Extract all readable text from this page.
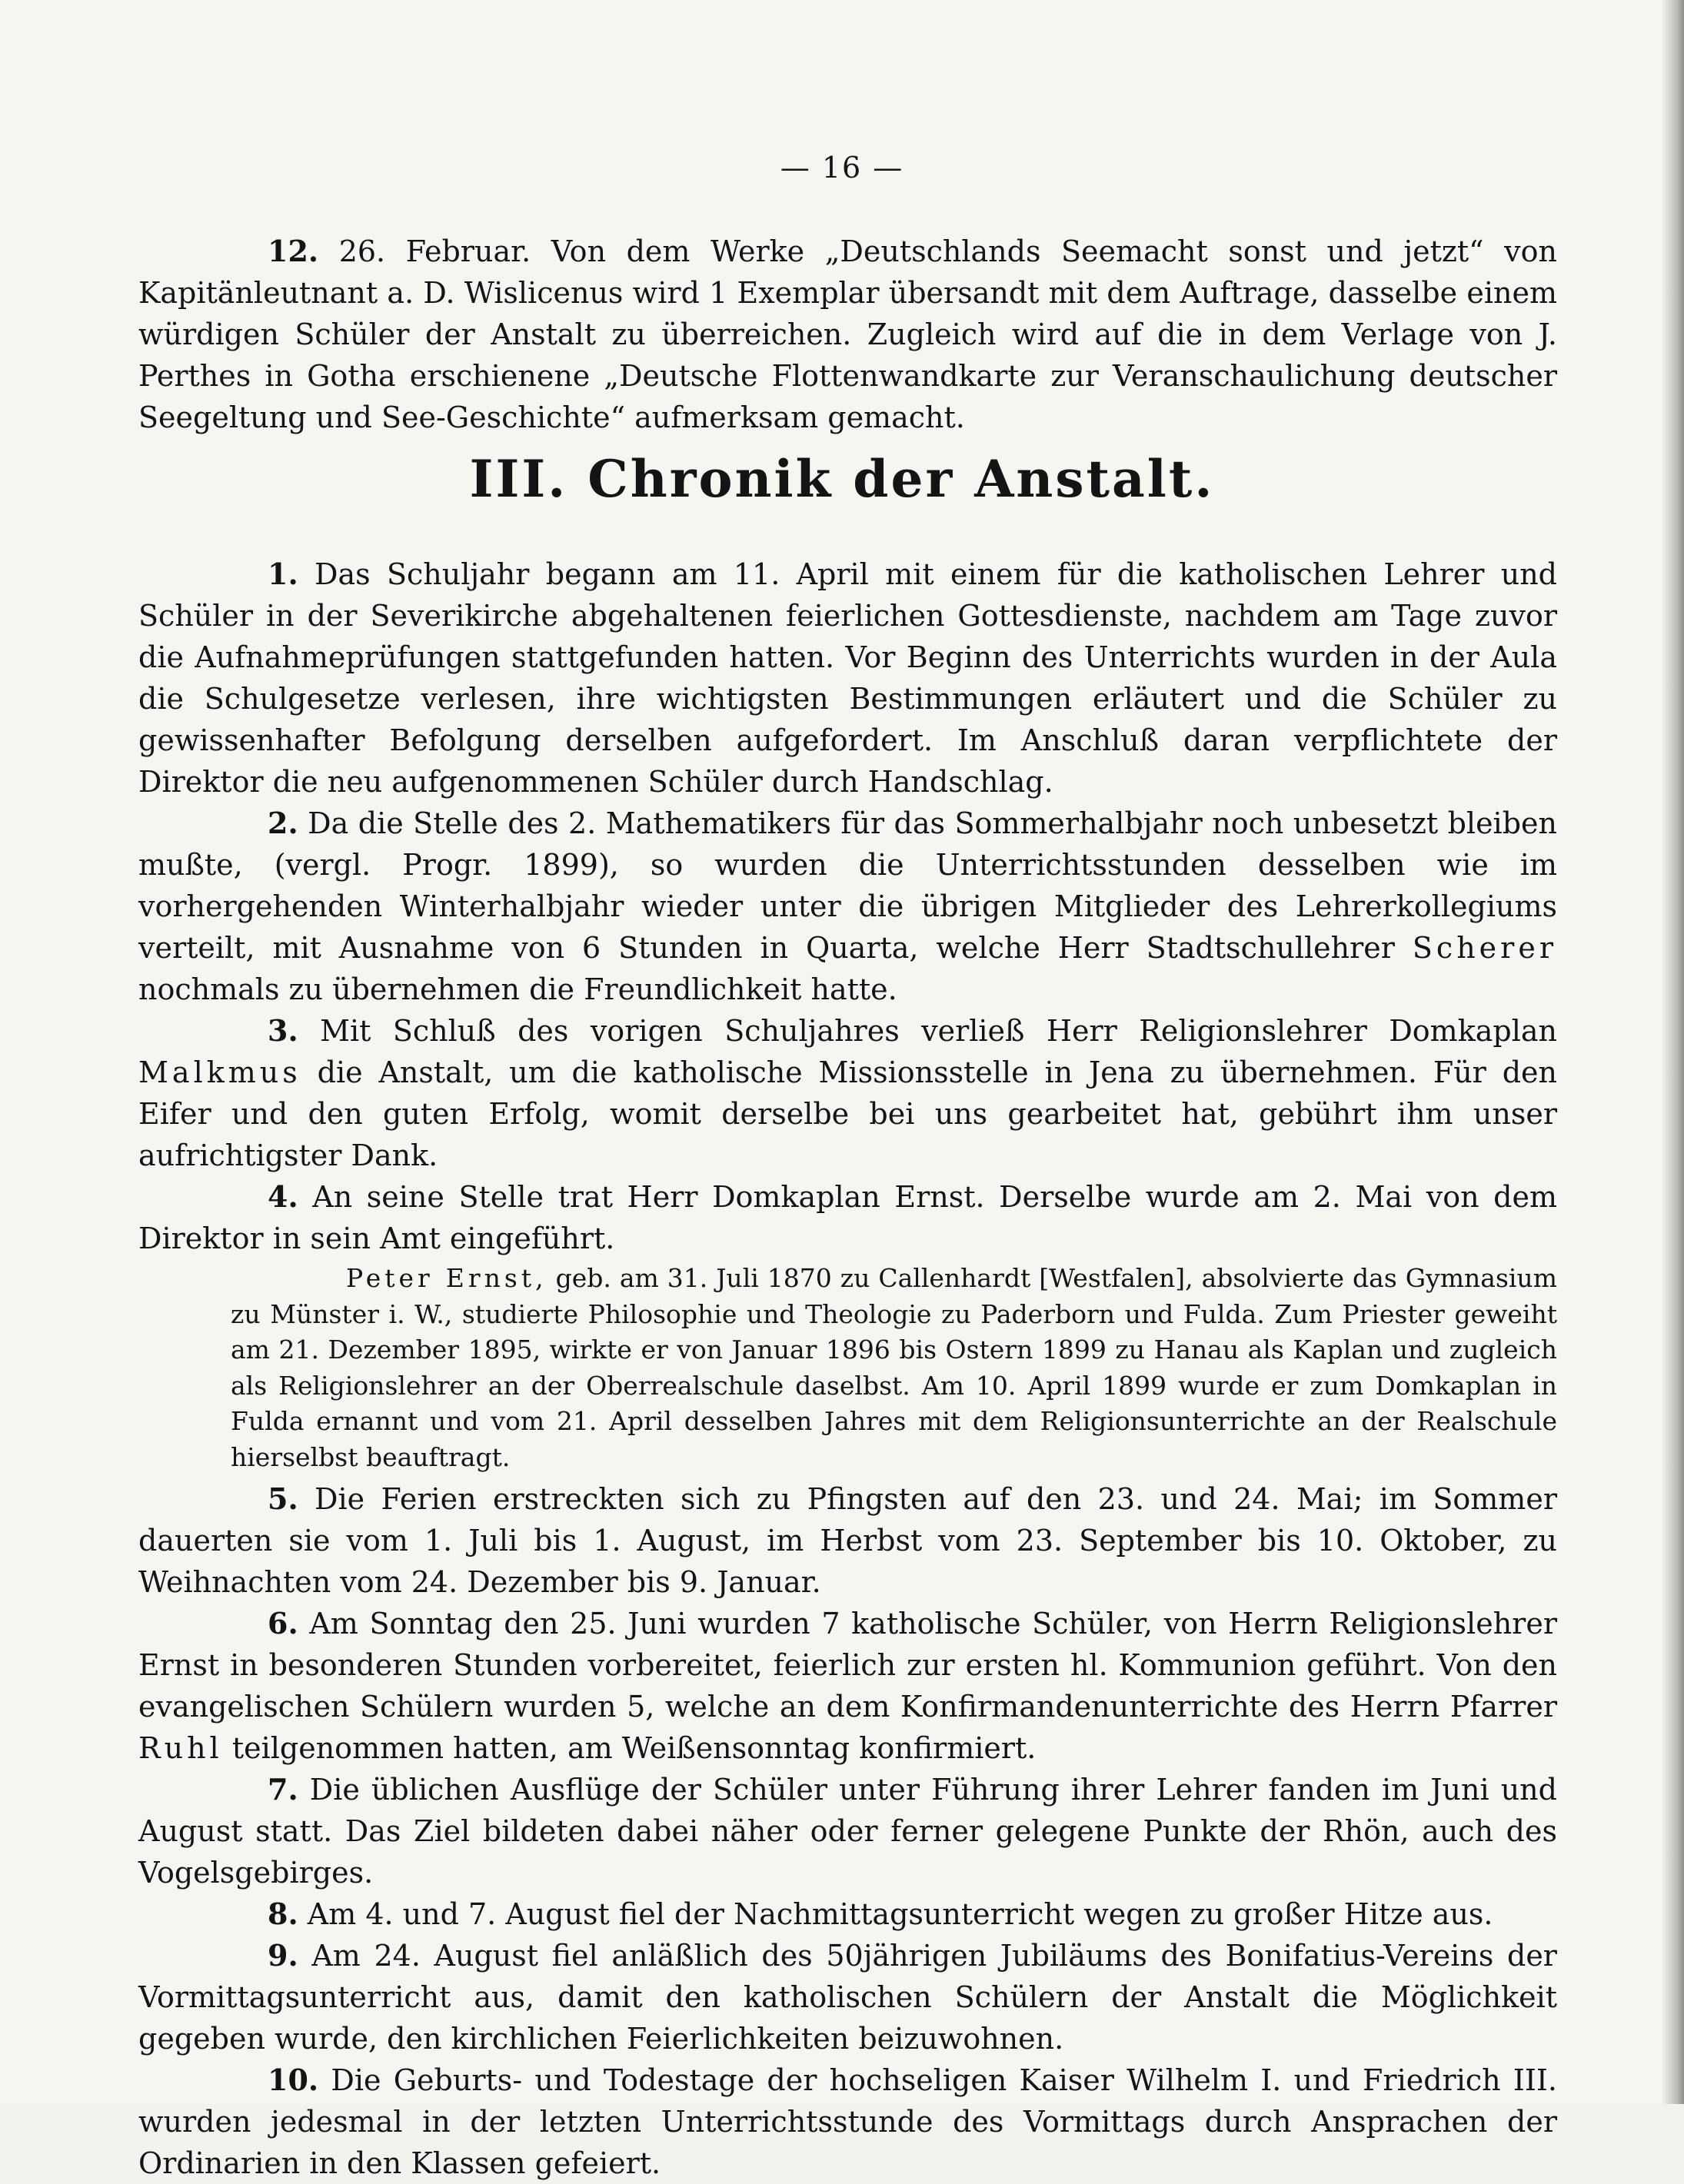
— 16 —

12. 26. Februar. Von dem Werke „Deutschlands Seemacht sonst und jetzt“ von Kapitänleutnant a. D. Wislicenus wird 1 Exemplar übersandt mit dem Auftrage, dasselbe einem würdigen Schüler der Anstalt zu überreichen. Zugleich wird auf die in dem Verlage von J. Perthes in Gotha erschienene „Deutsche Flottenwandkarte zur Veranschaulichung deutscher Seegeltung und See-Geschichte“ aufmerksam gemacht.

III. Chronik der Anstalt.

1. Das Schuljahr begann am 11. April mit einem für die katholischen Lehrer und Schüler in der Severikirche abgehaltenen feierlichen Gottesdienste, nachdem am Tage zuvor die Aufnahmeprüfungen stattgefunden hatten. Vor Beginn des Unterrichts wurden in der Aula die Schulgesetze verlesen, ihre wichtigsten Bestimmungen erläutert und die Schüler zu gewissenhafter Befolgung derselben aufgefordert. Im Anschluß daran verpflichtete der Direktor die neu aufgenommenen Schüler durch Handschlag.

2. Da die Stelle des 2. Mathematikers für das Sommerhalbjahr noch unbesetzt bleiben mußte, (vergl. Progr. 1899), so wurden die Unterrichtsstunden desselben wie im vorhergehenden Winterhalbjahr wieder unter die übrigen Mitglieder des Lehrerkollegiums verteilt, mit Ausnahme von 6 Stunden in Quarta, welche Herr Stadtschullehrer Scherer nochmals zu übernehmen die Freundlichkeit hatte.

3. Mit Schluß des vorigen Schuljahres verließ Herr Religionslehrer Domkaplan Malkmus die Anstalt, um die katholische Missionsstelle in Jena zu übernehmen. Für den Eifer und den guten Erfolg, womit derselbe bei uns gearbeitet hat, gebührt ihm unser aufrichtigster Dank.

4. An seine Stelle trat Herr Domkaplan Ernst. Derselbe wurde am 2. Mai von dem Direktor in sein Amt eingeführt.

Peter Ernst, geb. am 31. Juli 1870 zu Callenhardt [Westfalen], absolvierte das Gymnasium zu Münster i. W., studierte Philosophie und Theologie zu Paderborn und Fulda. Zum Priester geweiht am 21. Dezember 1895, wirkte er von Januar 1896 bis Ostern 1899 zu Hanau als Kaplan und zugleich als Religionslehrer an der Oberrealschule daselbst. Am 10. April 1899 wurde er zum Domkaplan in Fulda ernannt und vom 21. April desselben Jahres mit dem Religionsunterrichte an der Realschule hierselbst beauftragt.

5. Die Ferien erstreckten sich zu Pfingsten auf den 23. und 24. Mai; im Sommer dauerten sie vom 1. Juli bis 1. August, im Herbst vom 23. September bis 10. Oktober, zu Weihnachten vom 24. Dezember bis 9. Januar.

6. Am Sonntag den 25. Juni wurden 7 katholische Schüler, von Herrn Religionslehrer Ernst in besonderen Stunden vorbereitet, feierlich zur ersten hl. Kommunion geführt. Von den evangelischen Schülern wurden 5, welche an dem Konfirmandenunterrichte des Herrn Pfarrer Ruhl teilgenommen hatten, am Weißensonntag konfirmiert.

7. Die üblichen Ausflüge der Schüler unter Führung ihrer Lehrer fanden im Juni und August statt. Das Ziel bildeten dabei näher oder ferner gelegene Punkte der Rhön, auch des Vogelsgebirges.

8. Am 4. und 7. August fiel der Nachmittagsunterricht wegen zu großer Hitze aus.

9. Am 24. August fiel anläßlich des 50jährigen Jubiläums des Bonifatius-Vereins der Vormittagsunterricht aus, damit den katholischen Schülern der Anstalt die Möglichkeit gegeben wurde, den kirchlichen Feierlichkeiten beizuwohnen.

10. Die Geburts- und Todestage der hochseligen Kaiser Wilhelm I. und Friedrich III. wurden jedesmal in der letzten Unterrichtsstunde des Vormittags durch Ansprachen der Ordinarien in den Klassen gefeiert.
